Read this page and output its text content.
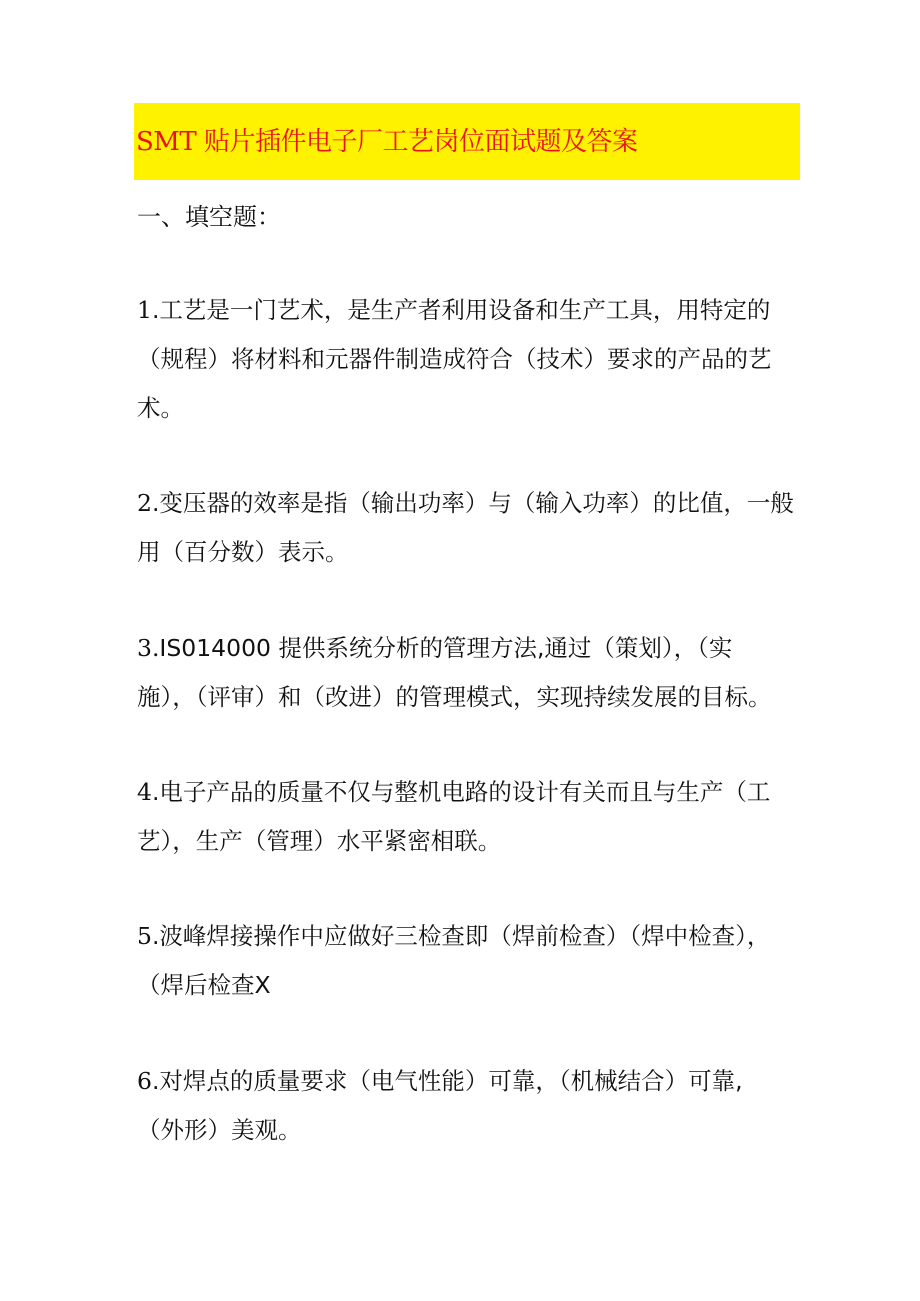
SMT 贴片插件电子厂工艺岗位面试题及答案
一、填空题：
1.工艺是一门艺术，是生产者利用设备和生产工具，用特定的
（规程）将材料和元器件制造成符合（技术）要求的产品的艺
术。
2.变压器的效率是指（输出功率）与（输入功率）的比值，一般
用（百分数）表示。
3.IS014000 提供系统分析的管理方法,通过（策划），（实
施），（评审）和（改进）的管理模式，实现持续发展的目标。
4.电子产品的质量不仅与整机电路的设计有关而且与生产（工
艺），生产（管理）水平紧密相联。
5.波峰焊接操作中应做好三检查即（焊前检查）（焊中检查），
（焊后检查X
6.对焊点的质量要求（电气性能）可靠，（机械结合）可靠,
（外形）美观。
